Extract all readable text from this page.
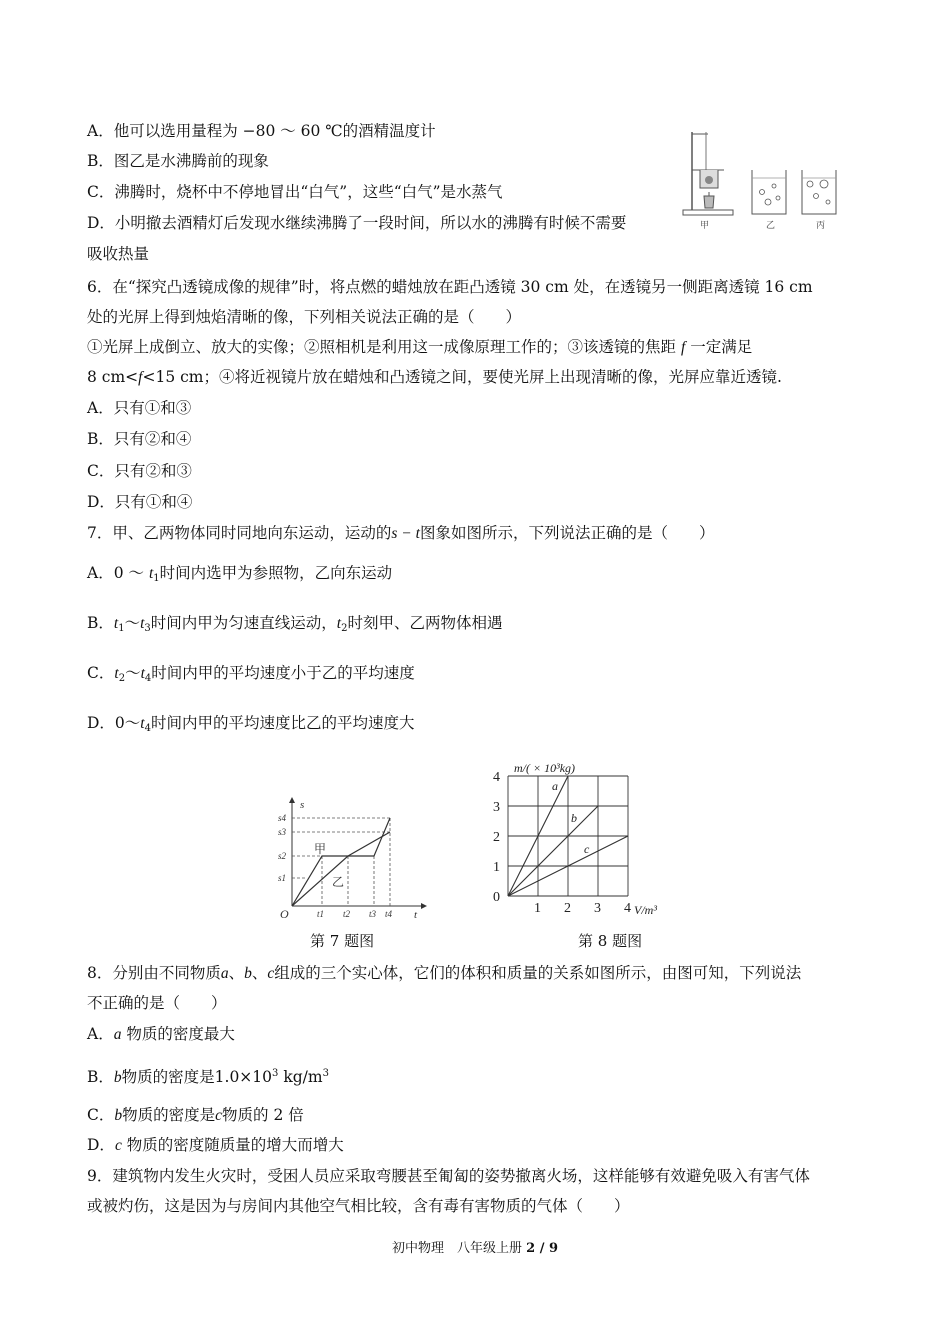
A．他可以选用量程为 −80 ～ 60 ℃的酒精温度计
B．图乙是水沸腾前的现象
C．沸腾时，烧杯中不停地冒出“白气”，这些“白气”是水蒸气
D．小明撤去酒精灯后发现水继续沸腾了一段时间，所以水的沸腾有时候不需要
吸收热量
甲	乙	丙
6．在“探究凸透镜成像的规律”时，将点燃的蜡烛放在距凸透镜 30 cm 处，在透镜另一侧距离透镜 16 cm
处的光屏上得到烛焰清晰的像，下列相关说法正确的是（　　）
①光屏上成倒立、放大的实像；②照相机是利用这一成像原理工作的；③该透镜的焦距 f 一定满足
8 cm<f<15 cm；④将近视镜片放在蜡烛和凸透镜之间，要使光屏上出现清晰的像，光屏应靠近透镜.
A．只有①和③
B．只有②和④
C．只有②和③
D．只有①和④
7．甲、乙两物体同时同地向东运动，运动的s − t图象如图所示，下列说法正确的是（　　）
A．0 ～ $t_1$时间内选甲为参照物，乙向东运动
B．$t_1\sim t_3$时间内甲为匀速直线运动，$t_2$时刻甲、乙两物体相遇
C．$t_2\sim t_4$时间内甲的平均速度小于乙的平均速度
D．$0\sim t_4$时间内甲的平均速度比乙的平均速度大
s
t
O
s1
s2
s3
s4
t1 t2 t3 t4
甲
乙
第 7 题图
0
1
2
3
4
1 2 3 4
m/( × 10³kg)
V/m³
a
b
c
第 8 题图
8．分别由不同物质a、b、c组成的三个实心体，它们的体积和质量的关系如图所示，由图可知，下列说法
不正确的是（　　）
A．a 物质的密度最大
B．b物质的密度是$1.0\times 10^3$ $kg/m^3$
C．b物质的密度是c物质的 2 倍
D．c 物质的密度随质量的增大而增大
9．建筑物内发生火灾时，受困人员应采取弯腰甚至匍匐的姿势撤离火场，这样能够有效避免吸入有害气体
或被灼伤，这是因为与房间内其他空气相比较，含有毒有害物质的气体（　　）
初中物理　八年级上册 2 / 9
